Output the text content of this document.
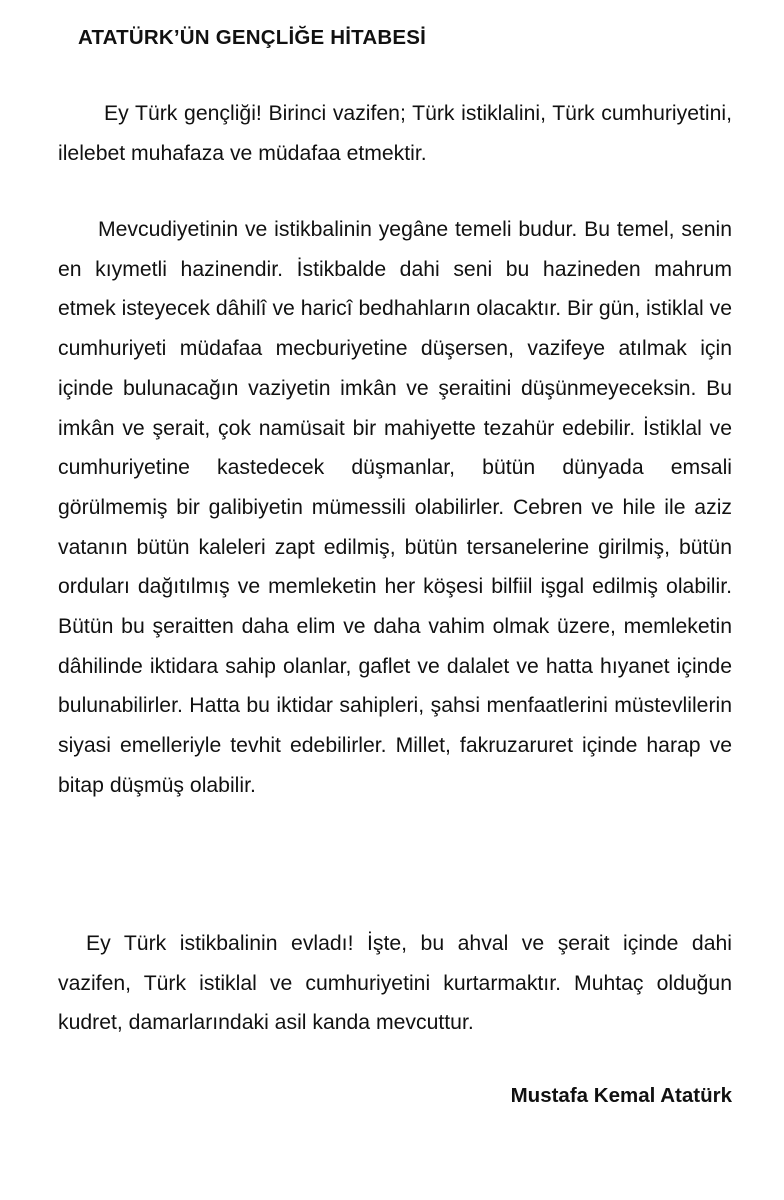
ATATÜRK’ÜN GENÇLİĞE HİTABESİ

Ey Türk gençliği! Birinci vazifen; Türk istiklalini, Türk cumhuriyetini, ilelebet muhafaza ve müdafaa etmektir.

Mevcudiyetinin ve istikbalinin yegâne temeli budur. Bu temel, senin en kıymetli hazinendir. İstikbalde dahi seni bu hazineden mahrum etmek isteyecek dâhilî ve haricî bedhahların olacaktır. Bir gün, istiklal ve cumhuriyeti müdafaa mecburiyetine düşersen, vazifeye atılmak için içinde bulunacağın vaziyetin imkân ve şeraitini düşünmeyeceksin. Bu imkân ve şerait, çok namüsait bir mahiyette tezahür edebilir. İstiklal ve cumhuriyetine kastedecek düşmanlar, bütün dünyada emsali görülmemiş bir galibiyetin mümessili olabilirler. Cebren ve hile ile aziz vatanın bütün kaleleri zapt edilmiş, bütün tersanelerine girilmiş, bütün orduları dağıtılmış ve memleketin her köşesi bilfiil işgal edilmiş olabilir. Bütün bu şeraitten daha elim ve daha vahim olmak üzere, memleketin dâhilinde iktidara sahip olanlar, gaflet ve dalalet ve hatta hıyanet içinde bulunabilirler. Hatta bu iktidar sahipleri, şahsi menfaatlerini müstevlilerin siyasi emelleriyle tevhit edebilirler. Millet, fakruzaruret içinde harap ve bitap düşmüş olabilir.

Ey Türk istikbalinin evladı! İşte, bu ahval ve şerait içinde dahi vazifen, Türk istiklal ve cumhuriyetini kurtarmaktır. Muhtaç olduğun kudret, damarlarındaki asil kanda mevcuttur.

Mustafa Kemal Atatürk
